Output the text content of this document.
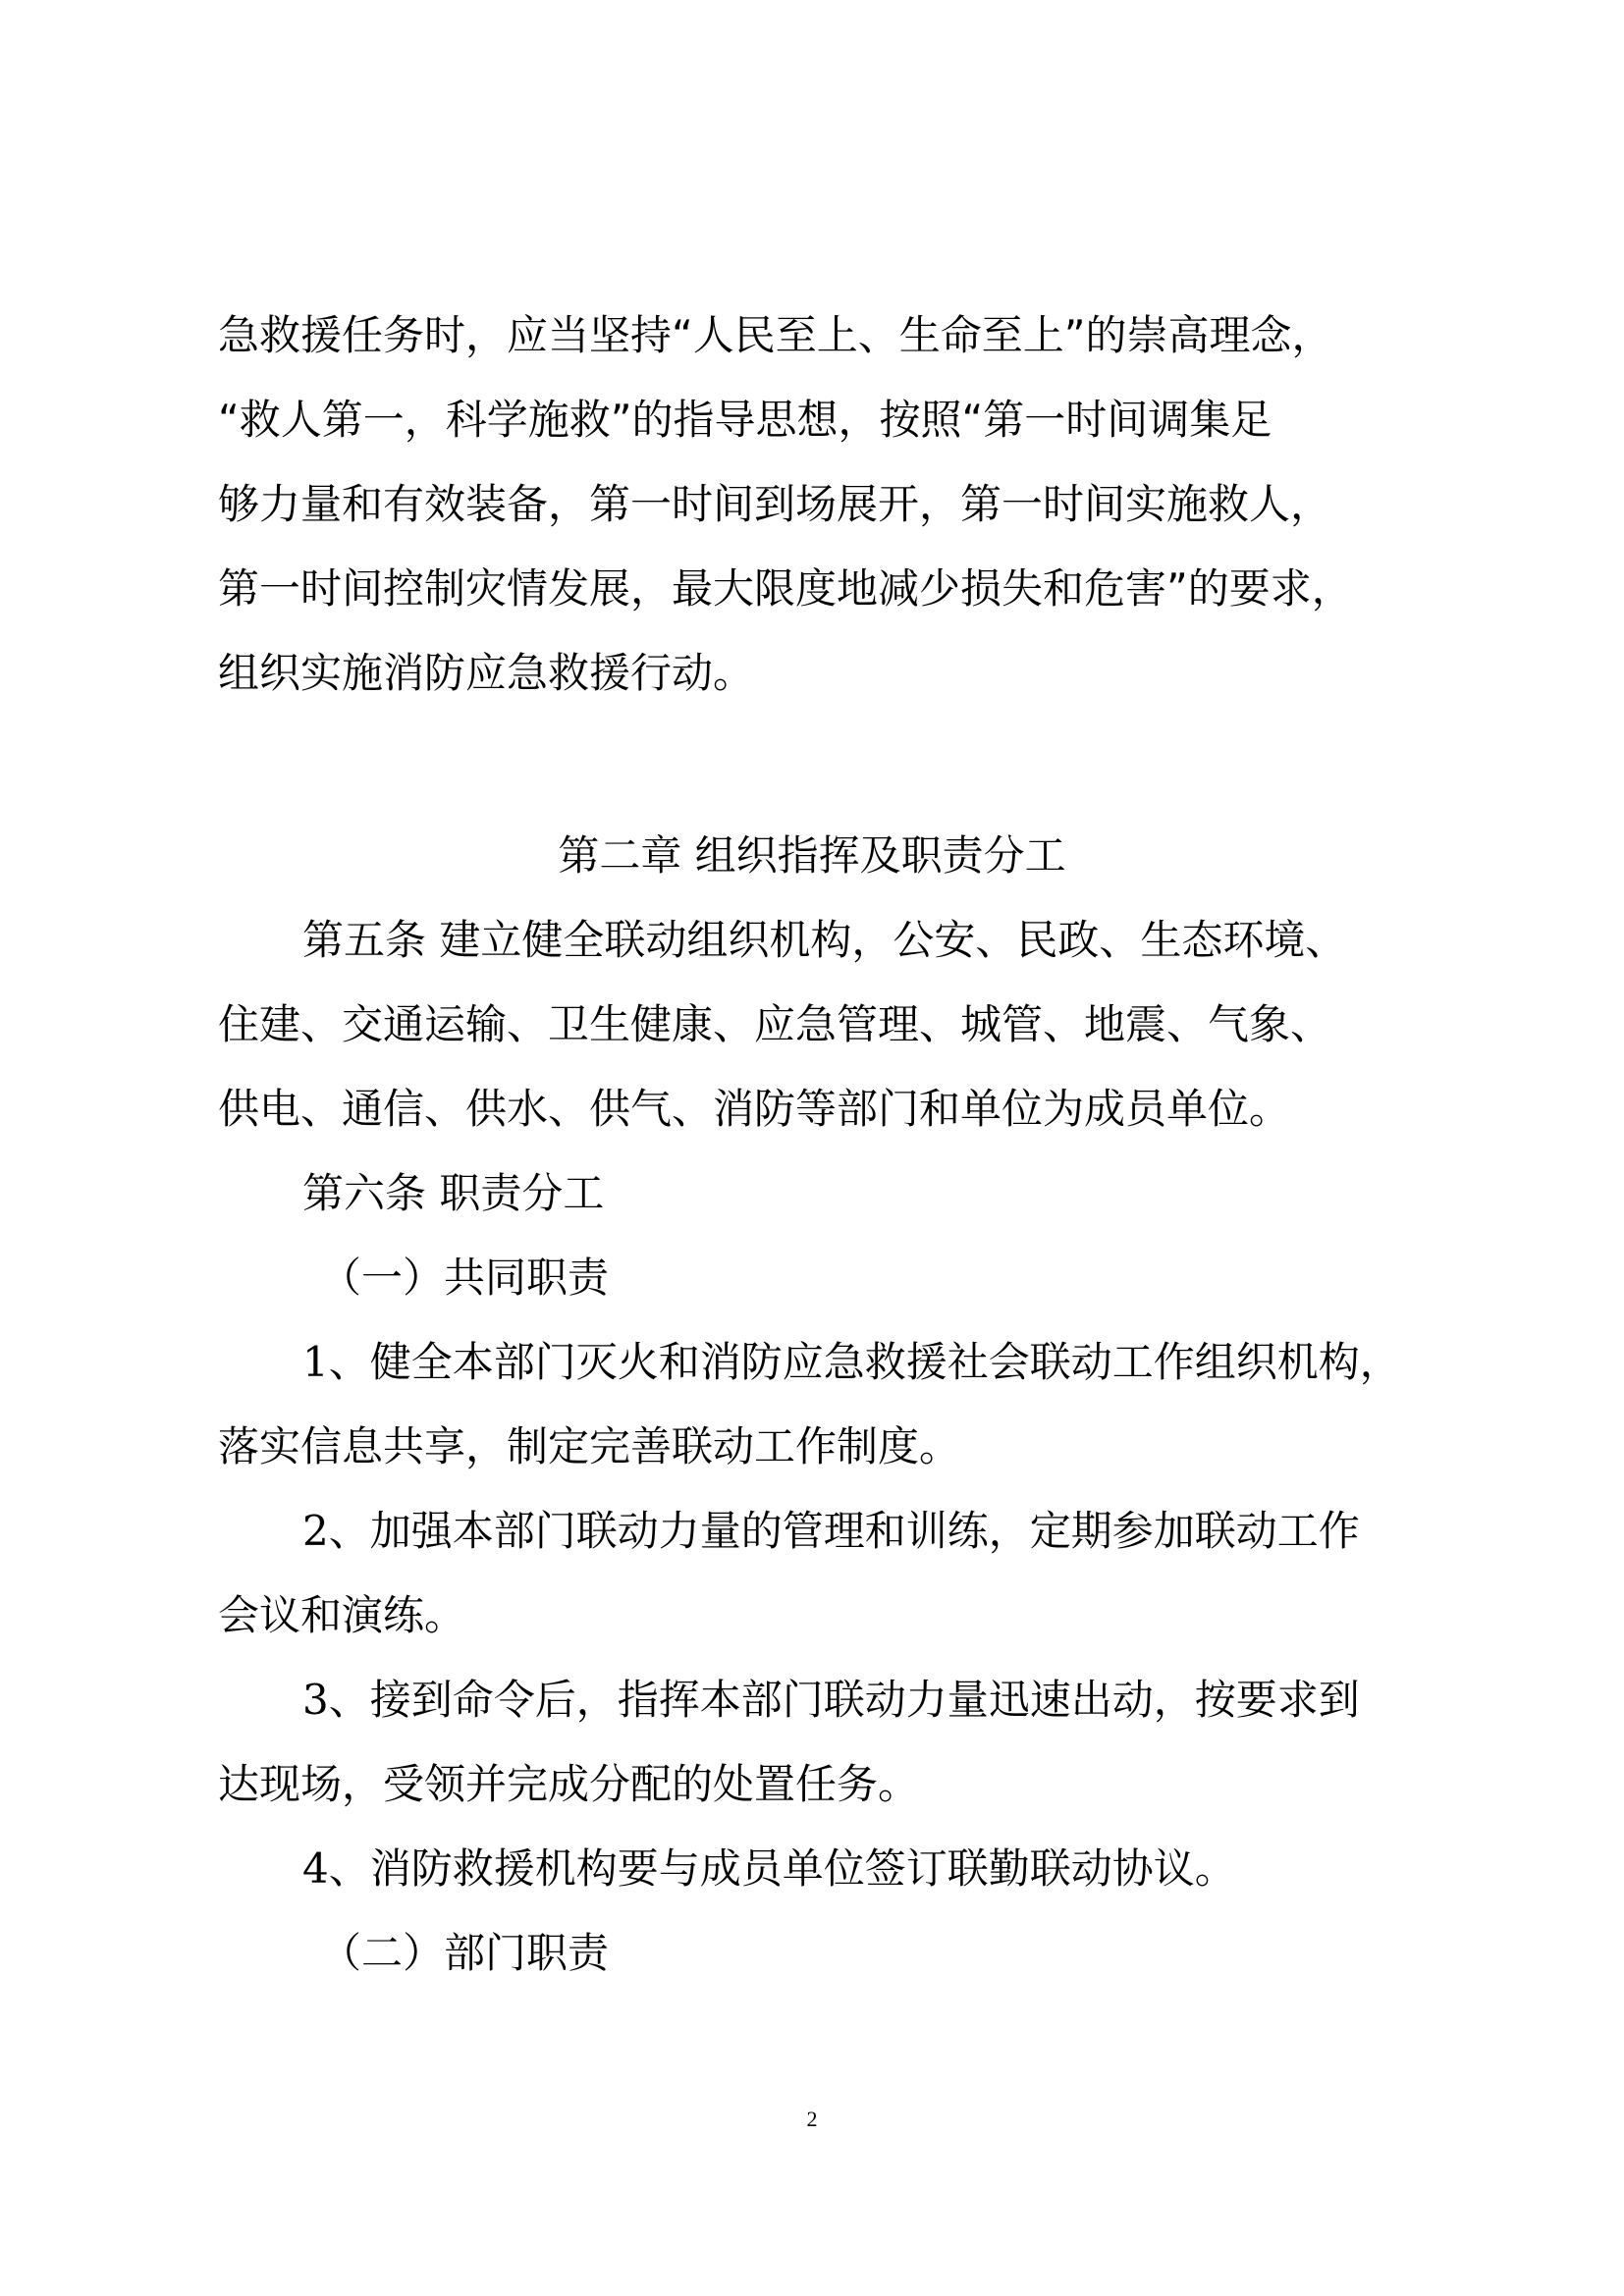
急救援任务时，应当坚持“人民至上、生命至上”的崇高理念，
“救人第一，科学施救”的指导思想，按照“第一时间调集足
够力量和有效装备，第一时间到场展开，第一时间实施救人，
第一时间控制灾情发展，最大限度地减少损失和危害”的要求，
组织实施消防应急救援行动。
第二章 组织指挥及职责分工
第五条 建立健全联动组织机构，公安、民政、生态环境、
住建、交通运输、卫生健康、应急管理、城管、地震、气象、
供电、通信、供水、供气、消防等部门和单位为成员单位。
第六条 职责分工
（一）共同职责
1、健全本部门灭火和消防应急救援社会联动工作组织机构，
落实信息共享，制定完善联动工作制度。
2、加强本部门联动力量的管理和训练，定期参加联动工作
会议和演练。
3、接到命令后，指挥本部门联动力量迅速出动，按要求到
达现场，受领并完成分配的处置任务。
4、消防救援机构要与成员单位签订联勤联动协议。
（二）部门职责
2
